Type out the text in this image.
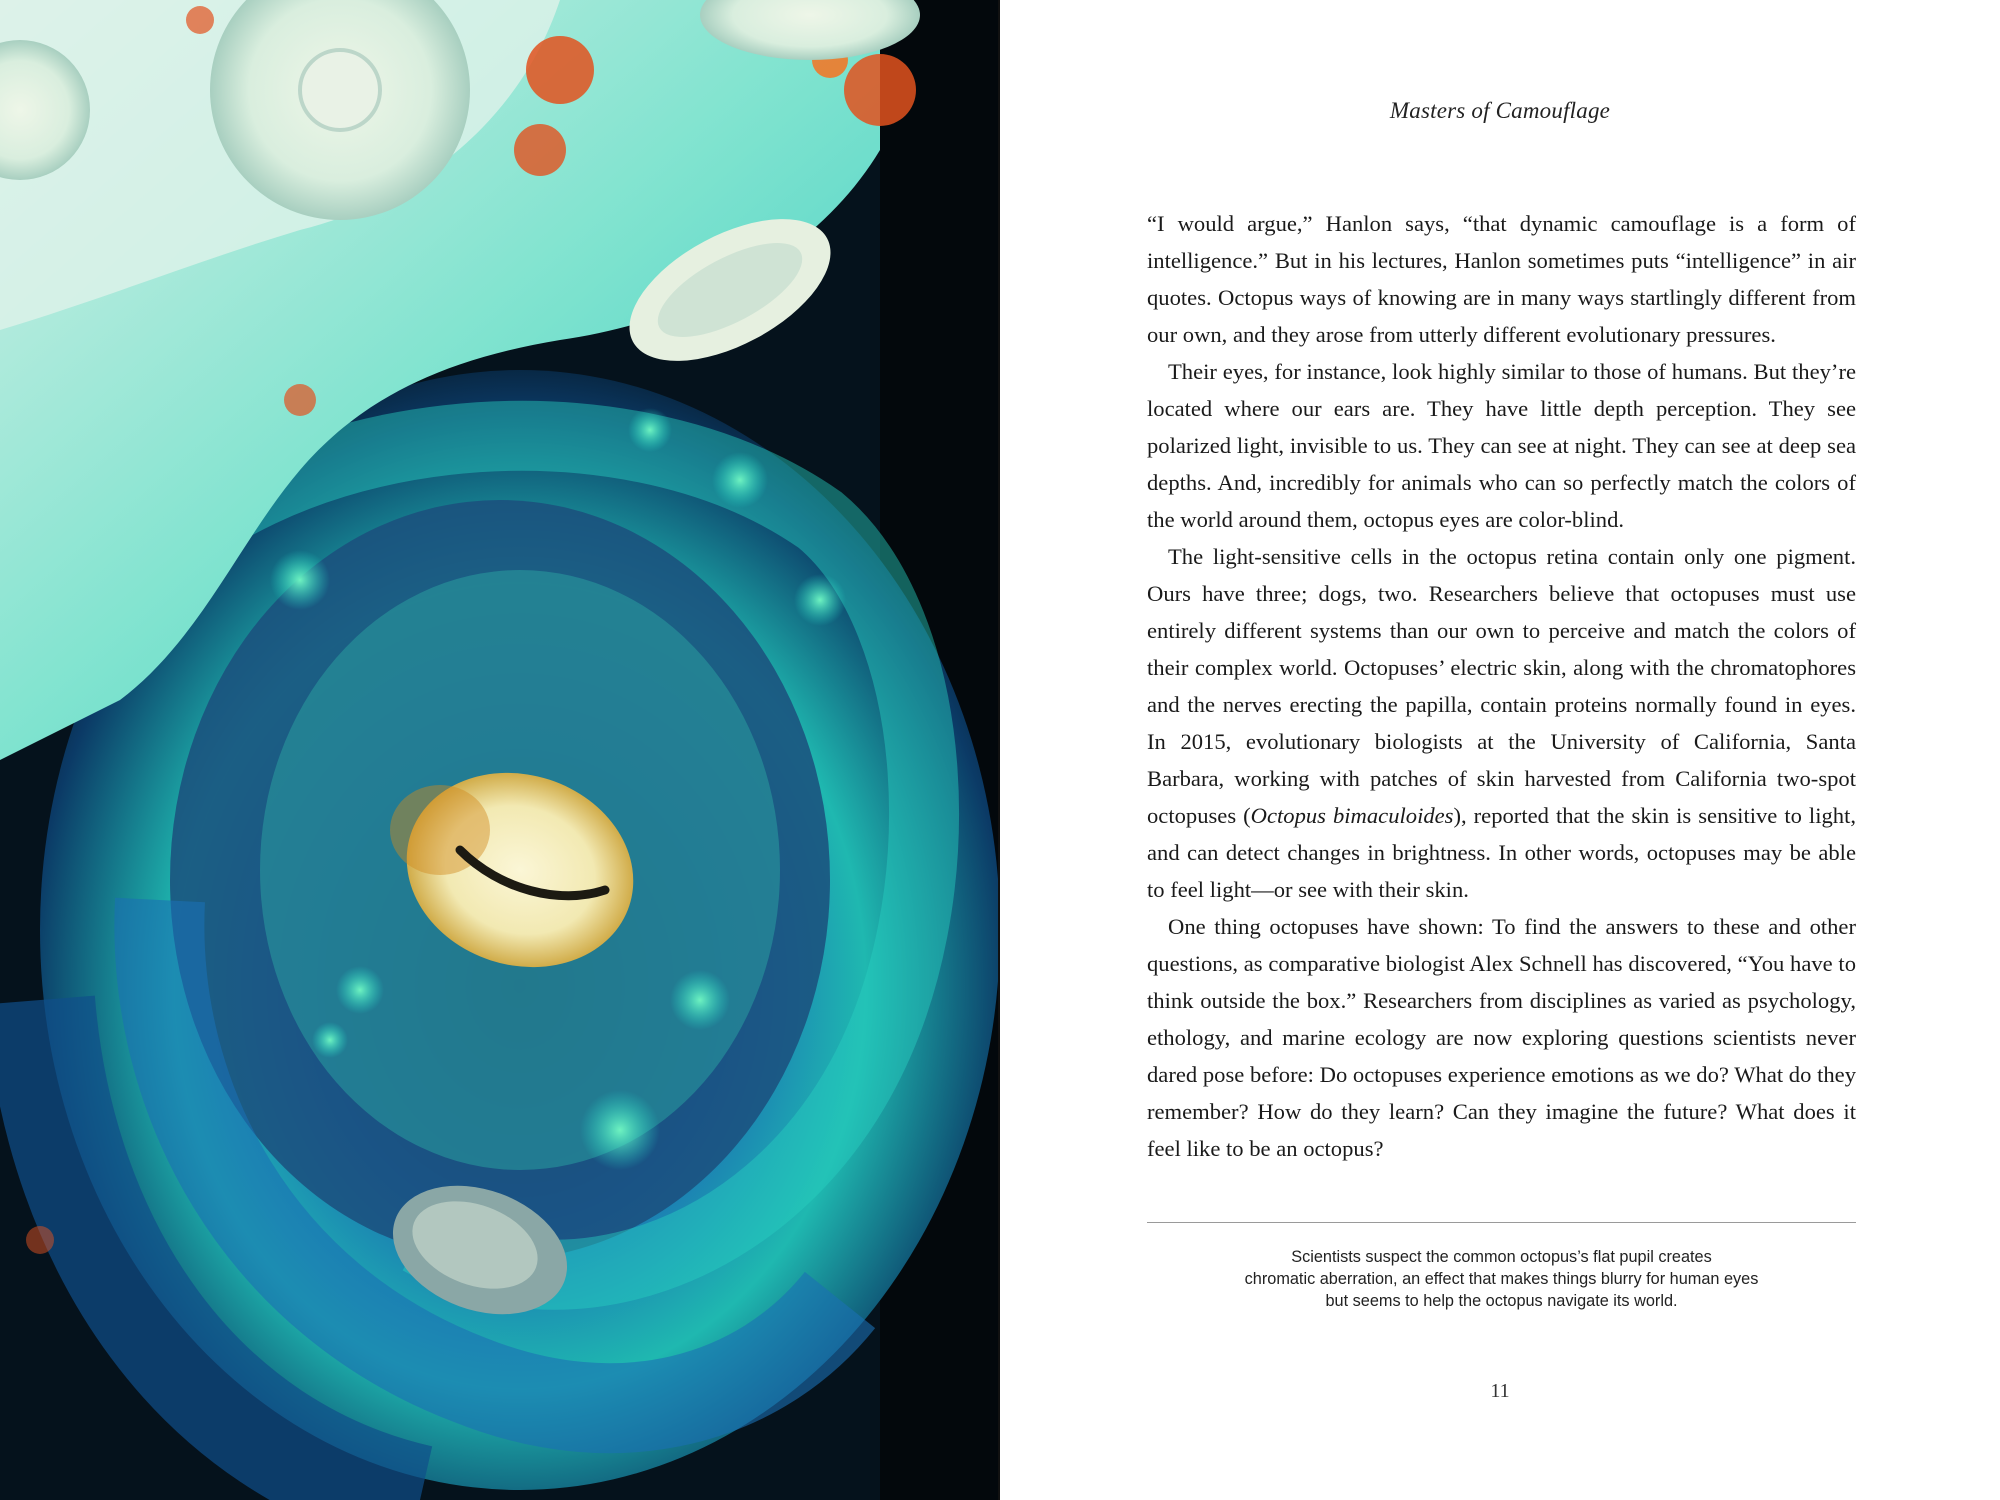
Masters of Camouflage

“I would argue,” Hanlon says, “that dynamic camouflage is a form of intelligence.” But in his lectures, Hanlon sometimes puts “intelligence” in air quotes. Octopus ways of knowing are in many ways startlingly different from our own, and they arose from utterly different evolutionary pressures.

Their eyes, for instance, look highly similar to those of humans. But they’re located where our ears are. They have little depth perception. They see polarized light, invisible to us. They can see at night. They can see at deep sea depths. And, incredibly for animals who can so perfectly match the colors of the world around them, octopus eyes are color-blind.

The light-sensitive cells in the octopus retina contain only one pigment. Ours have three; dogs, two. Researchers believe that octopuses must use entirely different systems than our own to perceive and match the colors of their complex world. Octopuses’ electric skin, along with the chromatophores and the nerves erecting the papilla, contain proteins normally found in eyes. In 2015, evolutionary biologists at the University of California, Santa Barbara, working with patches of skin harvested from California two-spot octopuses (Octopus bimaculoides), reported that the skin is sensitive to light, and can detect changes in brightness. In other words, octopuses may be able to feel light—or see with their skin.

One thing octopuses have shown: To find the answers to these and other questions, as comparative biologist Alex Schnell has discovered, “You have to think outside the box.” Researchers from disciplines as varied as psychology, ethology, and marine ecology are now exploring questions scientists never dared pose before: Do octopuses experience emotions as we do? What do they remember? How do they learn? Can they imagine the future? What does it feel like to be an octopus?

Scientists suspect the common octopus’s flat pupil creates
chromatic aberration, an effect that makes things blurry for human eyes
but seems to help the octopus navigate its world.
11
